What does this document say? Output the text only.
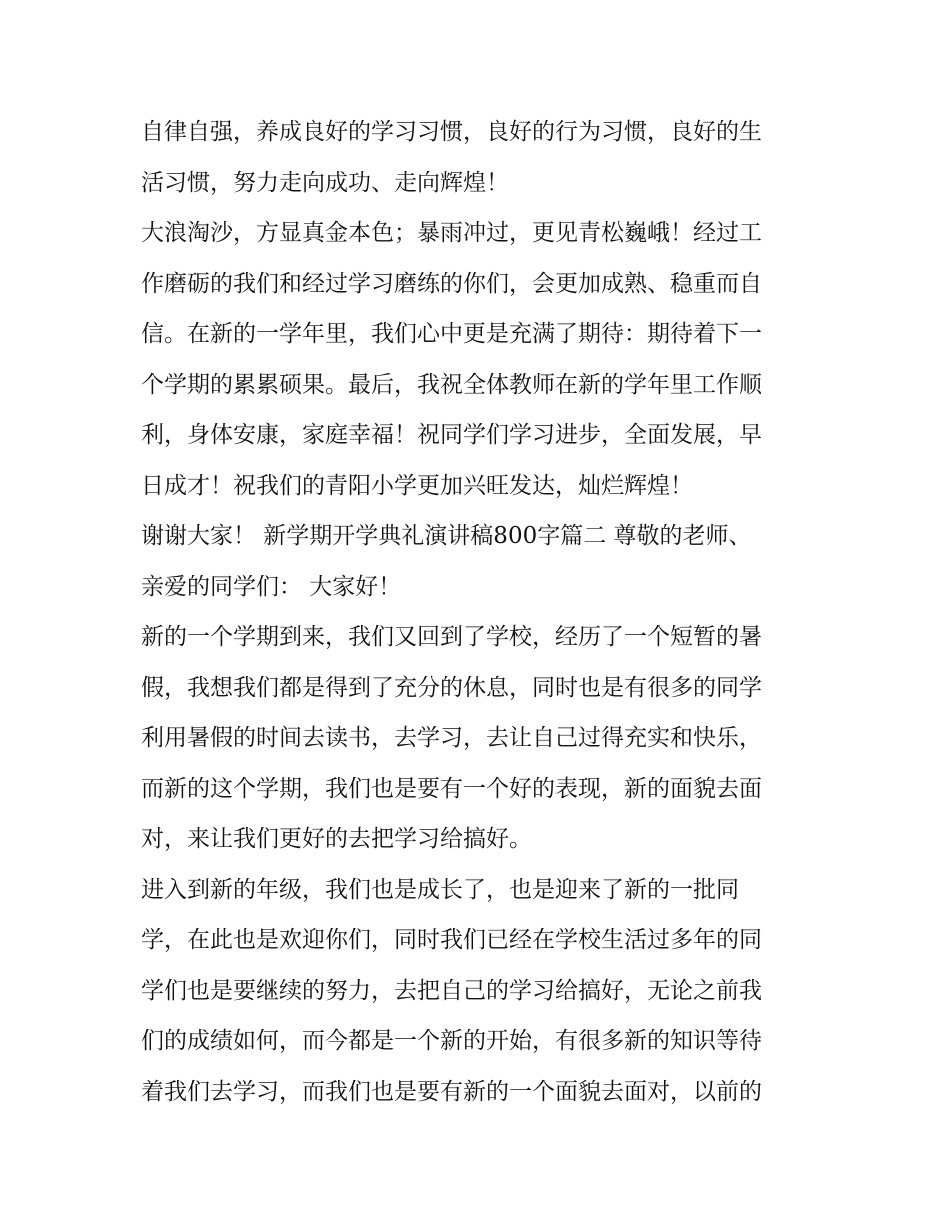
自律自强，养成良好的学习习惯，良好的行为习惯，良好的生
活习惯，努力走向成功、走向辉煌！
大浪淘沙，方显真金本色；暴雨冲过，更见青松巍峨！经过工
作磨砺的我们和经过学习磨练的你们，会更加成熟、稳重而自
信。在新的一学年里，我们心中更是充满了期待：期待着下一
个学期的累累硕果。最后，我祝全体教师在新的学年里工作顺
利，身体安康，家庭幸福！祝同学们学习进步，全面发展，早
日成才！祝我们的青阳小学更加兴旺发达，灿烂辉煌！
谢谢大家！ 新学期开学典礼演讲稿800字篇二 尊敬的老师、
亲爱的同学们： 大家好！
新的一个学期到来，我们又回到了学校，经历了一个短暂的暑
假，我想我们都是得到了充分的休息，同时也是有很多的同学
利用暑假的时间去读书，去学习，去让自己过得充实和快乐，
而新的这个学期，我们也是要有一个好的表现，新的面貌去面
对，来让我们更好的去把学习给搞好。
进入到新的年级，我们也是成长了，也是迎来了新的一批同
学，在此也是欢迎你们，同时我们已经在学校生活过多年的同
学们也是要继续的努力，去把自己的学习给搞好，无论之前我
们的成绩如何，而今都是一个新的开始，有很多新的知识等待
着我们去学习，而我们也是要有新的一个面貌去面对，以前的
